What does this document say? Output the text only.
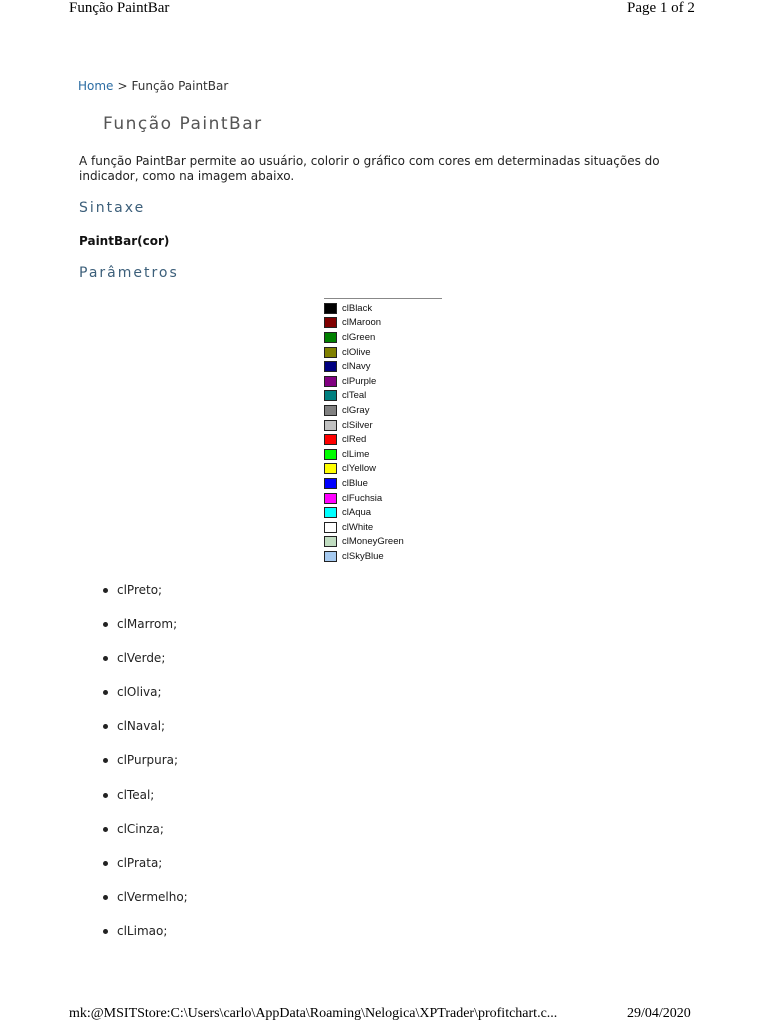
Função PaintBar	Page 1 of 2
Home > Função PaintBar
Função PaintBar

A função PaintBar permite ao usuário, colorir o gráfico com cores em determinadas situações do indicador, como na imagem abaixo.

Sintaxe
PaintBar(cor)
Parâmetros
clBlack
clMaroon
clGreen
clOlive
clNavy
clPurple
clTeal
clGray
clSilver
clRed
clLime
clYellow
clBlue
clFuchsia
clAqua
clWhite
clMoneyGreen
clSkyBlue
clPreto;
clMarrom;
clVerde;
clOliva;
clNaval;
clPurpura;
clTeal;
clCinza;
clPrata;
clVermelho;
clLimao;
mk:@MSITStore:C:\Users\carlo\AppData\Roaming\Nelogica\XPTrader\profitchart.c...	29/04/2020
